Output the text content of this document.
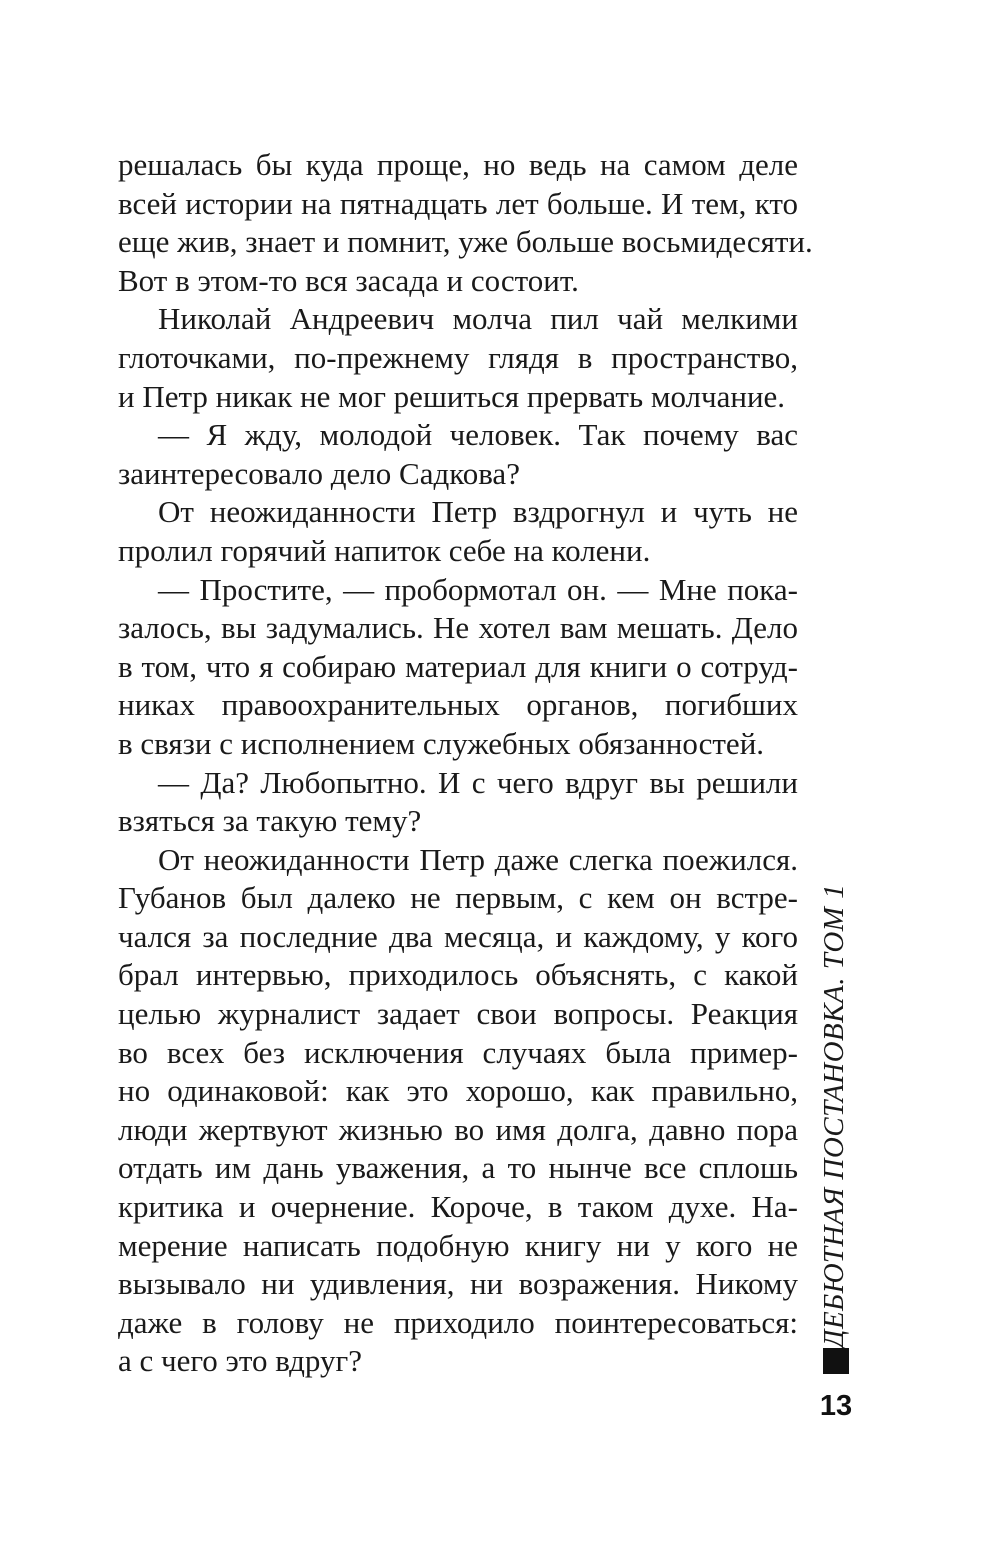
решалась бы куда проще, но ведь на самом деле
всей истории на пятнадцать лет больше. И тем, кто
еще жив, знает и помнит, уже больше восьмидесяти.
Вот в этом-то вся засада и состоит.
Николай Андреевич молча пил чай мелкими
глоточками, по-прежнему глядя в пространство,
и Петр никак не мог решиться прервать молчание.
— Я жду, молодой человек. Так почему вас
заинтересовало дело Садкова?
От неожиданности Петр вздрогнул и чуть не
пролил горячий напиток себе на колени.
— Простите, — пробормотал он. — Мне пока-
залось, вы задумались. Не хотел вам мешать. Дело
в том, что я собираю материал для книги о сотруд-
никах правоохранительных органов, погибших
в связи с исполнением служебных обязанностей.
— Да? Любопытно. И с чего вдруг вы решили
взяться за такую тему?
От неожиданности Петр даже слегка поежился.
Губанов был далеко не первым, с кем он встре-
чался за последние два месяца, и каждому, у кого
брал интервью, приходилось объяснять, с какой
целью журналист задает свои вопросы. Реакция
во всех без исключения случаях была пример-
но одинаковой: как это хорошо, как правильно,
люди жертвуют жизнью во имя долга, давно пора
отдать им дань уважения, а то нынче все сплошь
критика и очернение. Короче, в таком духе. На-
мерение написать подобную книгу ни у кого не
вызывало ни удивления, ни возражения. Никому
даже в голову не приходило поинтересоваться:
а с чего это вдруг?
ДЕБЮТНАЯ ПОСТАНОВКА. ТОМ 1
13
